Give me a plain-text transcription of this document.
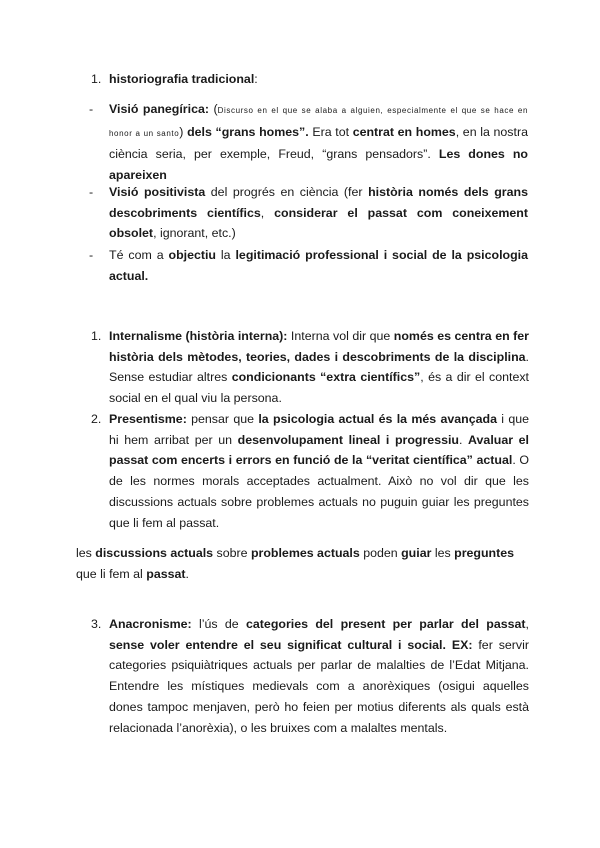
1. historiografia tradicional:
- Visió panegírica: (Discurso en el que se alaba a alguien, especialmente el que se hace en honor a un santo) dels “grans homes”. Era tot centrat en homes, en la nostra ciència seria, per exemple, Freud, “grans pensadors”. Les dones no apareixen
- Visió positivista del progrés en ciència (fer història només dels grans descobriments científics, considerar el passat com coneixement obsolet, ignorant, etc.)
- Té com a objectiu la legitimació professional i social de la psicologia actual.
1. Internalisme (història interna): Interna vol dir que només es centra en fer història dels mètodes, teories, dades i descobriments de la disciplina. Sense estudiar altres condicionants “extra científics”, és a dir el context social en el qual viu la persona.
2. Presentisme: pensar que la psicologia actual és la més avançada i que hi hem arribat per un desenvolupament lineal i progressiu. Avaluar el passat com encerts i errors en funció de la “veritat científica” actual. O de les normes morals acceptades actualment. Això no vol dir que les discussions actuals sobre problemes actuals no puguin guiar les preguntes que li fem al passat.
les discussions actuals sobre problemes actuals poden guiar les preguntes que li fem al passat.
3. Anacronisme: l’ús de categories del present per parlar del passat, sense voler entendre el seu significat cultural i social. EX: fer servir categories psiquiàtriques actuals per parlar de malalties de l’Edat Mitjana. Entendre les místiques medievals com a anorèxiques (osigui aquelles dones tampoc menjaven, però ho feien per motius diferents als quals està relacionada l’anorèxia), o les bruixes com a malaltes mentals.
